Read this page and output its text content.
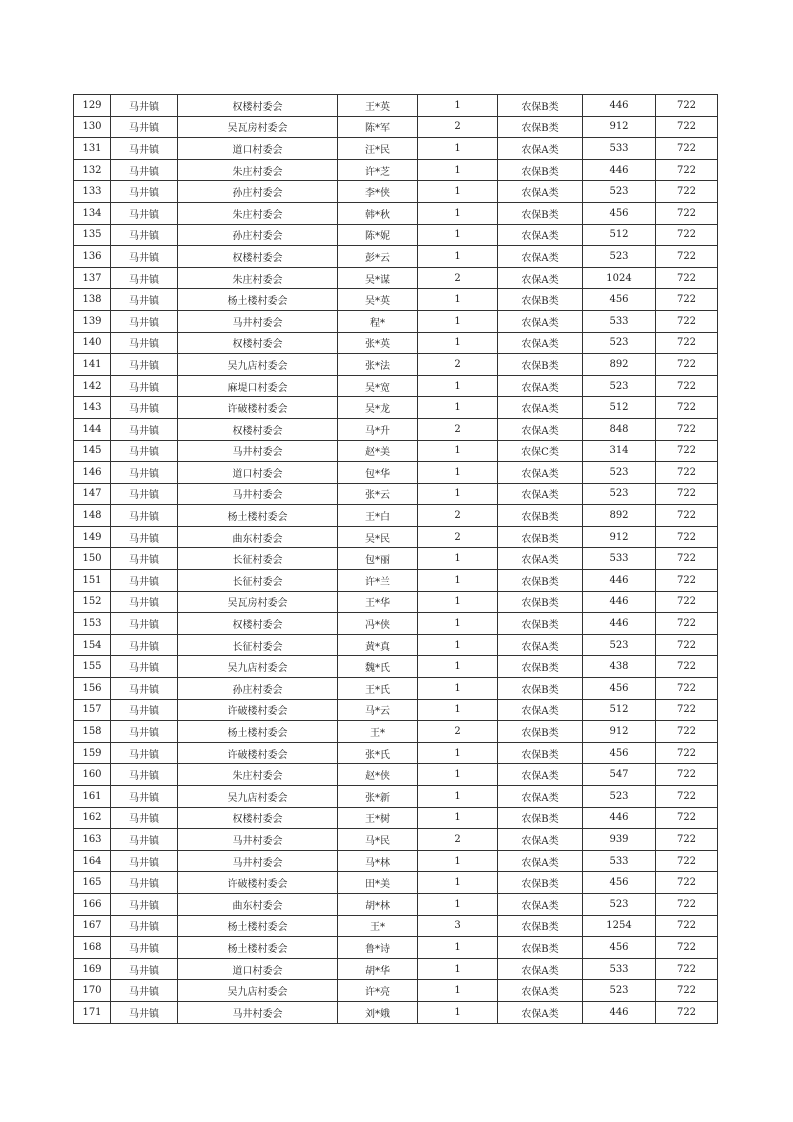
129	马井镇	权楼村委会	王*英	1	农保B类	446	722
130	马井镇	吴瓦房村委会	陈*军	2	农保B类	912	722
131	马井镇	道口村委会	汪*民	1	农保A类	533	722
132	马井镇	朱庄村委会	许*芝	1	农保B类	446	722
133	马井镇	孙庄村委会	李*侠	1	农保A类	523	722
134	马井镇	朱庄村委会	韩*秋	1	农保B类	456	722
135	马井镇	孙庄村委会	陈*妮	1	农保A类	512	722
136	马井镇	权楼村委会	彭*云	1	农保A类	523	722
137	马井镇	朱庄村委会	吴*谋	2	农保A类	1024	722
138	马井镇	杨土楼村委会	吴*英	1	农保B类	456	722
139	马井镇	马井村委会	程*	1	农保A类	533	722
140	马井镇	权楼村委会	张*英	1	农保A类	523	722
141	马井镇	吴九店村委会	张*法	2	农保B类	892	722
142	马井镇	麻堤口村委会	吴*宽	1	农保A类	523	722
143	马井镇	许破楼村委会	吴*龙	1	农保A类	512	722
144	马井镇	权楼村委会	马*升	2	农保A类	848	722
145	马井镇	马井村委会	赵*美	1	农保C类	314	722
146	马井镇	道口村委会	包*华	1	农保A类	523	722
147	马井镇	马井村委会	张*云	1	农保A类	523	722
148	马井镇	杨土楼村委会	王*白	2	农保B类	892	722
149	马井镇	曲东村委会	吴*民	2	农保B类	912	722
150	马井镇	长征村委会	包*丽	1	农保A类	533	722
151	马井镇	长征村委会	许*兰	1	农保B类	446	722
152	马井镇	吴瓦房村委会	王*华	1	农保B类	446	722
153	马井镇	权楼村委会	冯*侠	1	农保B类	446	722
154	马井镇	长征村委会	黄*真	1	农保A类	523	722
155	马井镇	吴九店村委会	魏*氏	1	农保B类	438	722
156	马井镇	孙庄村委会	王*氏	1	农保B类	456	722
157	马井镇	许破楼村委会	马*云	1	农保A类	512	722
158	马井镇	杨土楼村委会	王*	2	农保B类	912	722
159	马井镇	许破楼村委会	张*氏	1	农保B类	456	722
160	马井镇	朱庄村委会	赵*侠	1	农保A类	547	722
161	马井镇	吴九店村委会	张*新	1	农保A类	523	722
162	马井镇	权楼村委会	王*树	1	农保B类	446	722
163	马井镇	马井村委会	马*民	2	农保A类	939	722
164	马井镇	马井村委会	马*林	1	农保A类	533	722
165	马井镇	许破楼村委会	田*美	1	农保B类	456	722
166	马井镇	曲东村委会	胡*林	1	农保A类	523	722
167	马井镇	杨土楼村委会	王*	3	农保B类	1254	722
168	马井镇	杨土楼村委会	鲁*诗	1	农保B类	456	722
169	马井镇	道口村委会	胡*华	1	农保A类	533	722
170	马井镇	吴九店村委会	许*亮	1	农保A类	523	722
171	马井镇	马井村委会	刘*娥	1	农保A类	446	722
